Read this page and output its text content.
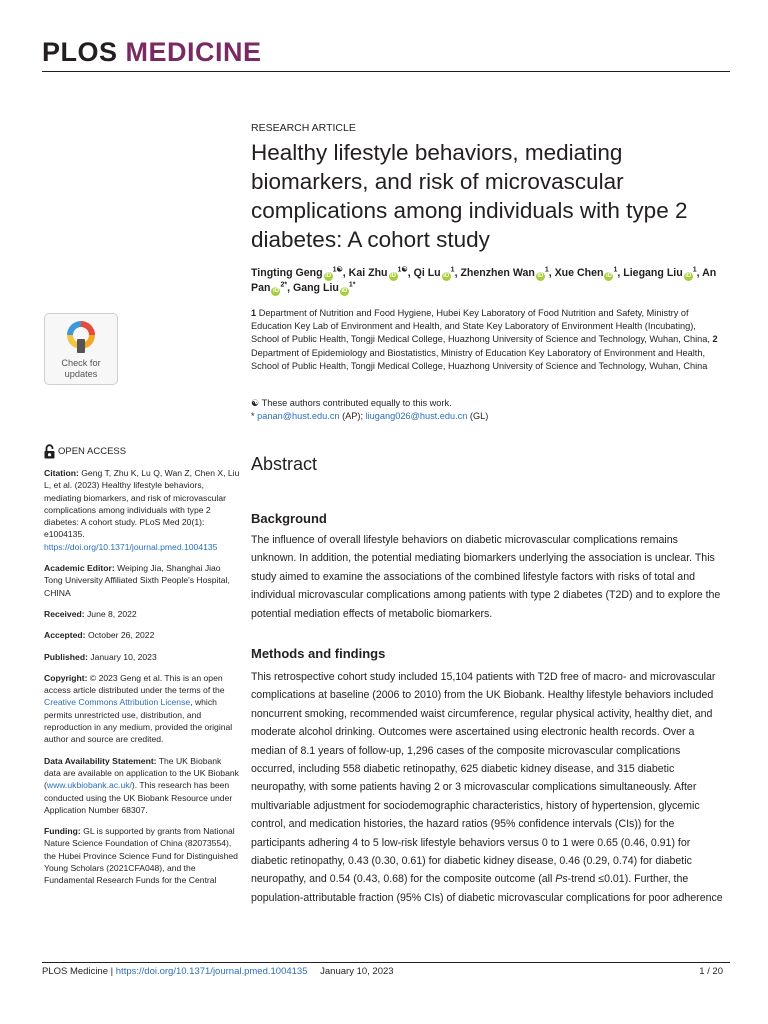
PLOS MEDICINE
RESEARCH ARTICLE
Healthy lifestyle behaviors, mediating biomarkers, and risk of microvascular complications among individuals with type 2 diabetes: A cohort study
Tingting Geng $iD^{1☯}$, Kai Zhu $iD^{1☯}$, Qi Lu $iD^1$, Zhenzhen Wan $iD^1$, Xue Chen $iD^1$, Liegang Liu $iD^1$, An Pan $iD^{2*}$, Gang Liu $iD^{1*}$
1 Department of Nutrition and Food Hygiene, Hubei Key Laboratory of Food Nutrition and Safety, Ministry of Education Key Lab of Environment and Health, and State Key Laboratory of Environment Health (Incubating), School of Public Health, Tongji Medical College, Huazhong University of Science and Technology, Wuhan, China, 2 Department of Epidemiology and Biostatistics, Ministry of Education Key Laboratory of Environment and Health, School of Public Health, Tongji Medical College, Huazhong University of Science and Technology, Wuhan, China
☯ These authors contributed equally to this work.
* panan@hust.edu.cn (AP); liugang026@hust.edu.cn (GL)
Check for updates
OPEN ACCESS
Citation: Geng T, Zhu K, Lu Q, Wan Z, Chen X, Liu L, et al. (2023) Healthy lifestyle behaviors, mediating biomarkers, and risk of microvascular complications among individuals with type 2 diabetes: A cohort study. PLoS Med 20(1): e1004135. https://doi.org/10.1371/journal.pmed.1004135
Academic Editor: Weiping Jia, Shanghai Jiao Tong University Affiliated Sixth People's Hospital, CHINA
Received: June 8, 2022
Accepted: October 26, 2022
Published: January 10, 2023
Copyright: © 2023 Geng et al. This is an open access article distributed under the terms of the Creative Commons Attribution License, which permits unrestricted use, distribution, and reproduction in any medium, provided the original author and source are credited.
Data Availability Statement: The UK Biobank data are available on application to the UK Biobank (www.ukbiobank.ac.uk/). This research has been conducted using the UK Biobank Resource under Application Number 68307.
Funding: GL is supported by grants from National Nature Science Foundation of China (82073554), the Hubei Province Science Fund for Distinguished Young Scholars (2021CFA048), and the Fundamental Research Funds for the Central
Abstract
Background
The influence of overall lifestyle behaviors on diabetic microvascular complications remains unknown. In addition, the potential mediating biomarkers underlying the association is unclear. This study aimed to examine the associations of the combined lifestyle factors with risks of total and individual microvascular complications among patients with type 2 diabetes (T2D) and to explore the potential mediation effects of metabolic biomarkers.
Methods and findings
This retrospective cohort study included 15,104 patients with T2D free of macro- and microvascular complications at baseline (2006 to 2010) from the UK Biobank. Healthy lifestyle behaviors included noncurrent smoking, recommended waist circumference, regular physical activity, healthy diet, and moderate alcohol drinking. Outcomes were ascertained using electronic health records. Over a median of 8.1 years of follow-up, 1,296 cases of the composite microvascular complications occurred, including 558 diabetic retinopathy, 625 diabetic kidney disease, and 315 diabetic neuropathy, with some patients having 2 or 3 microvascular complications simultaneously. After multivariable adjustment for sociodemographic characteristics, history of hypertension, glycemic control, and medication histories, the hazard ratios (95% confidence intervals (CIs)) for the participants adhering 4 to 5 low-risk lifestyle behaviors versus 0 to 1 were 0.65 (0.46, 0.91) for diabetic retinopathy, 0.43 (0.30, 0.61) for diabetic kidney disease, 0.46 (0.29, 0.74) for diabetic neuropathy, and 0.54 (0.43, 0.68) for the composite outcome (all Ps-trend ≤0.01). Further, the population-attributable fraction (95% CIs) of diabetic microvascular complications for poor adherence
PLOS Medicine | https://doi.org/10.1371/journal.pmed.1004135 January 10, 2023	1 / 20
